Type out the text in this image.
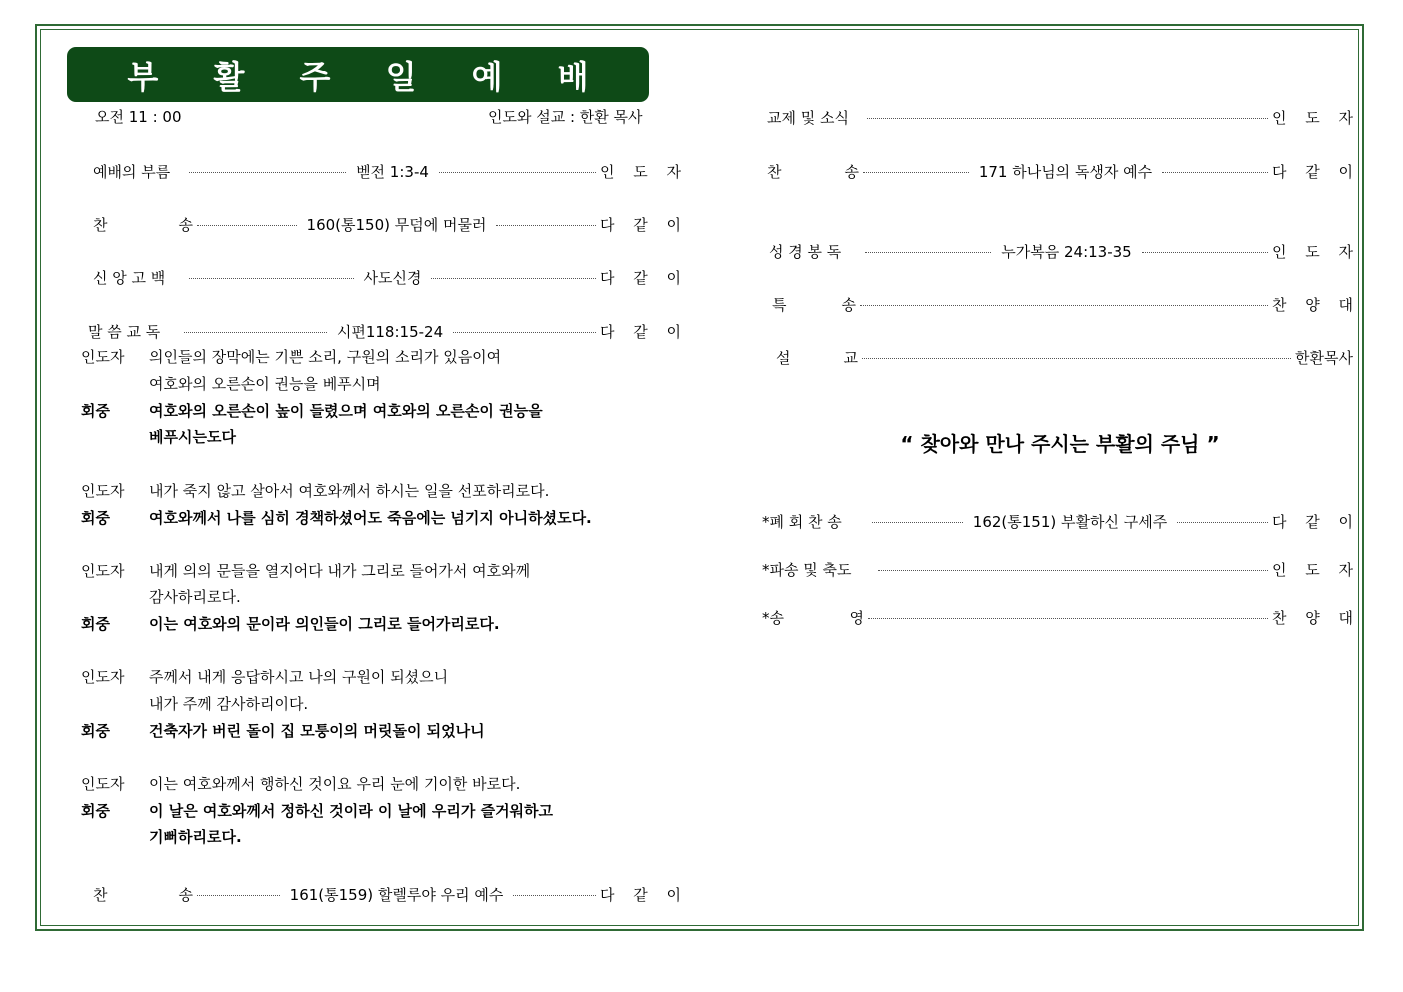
부 활 주 일 예 배
오전 11 : 00	인도와 설교 : 한환 목사
예배의 부름	벧전 1:3-4	인 도 자
찬	송	160(통150) 무덤에 머물러	다 같 이
신 앙 고 백	사도신경	다 같 이
말 씀 교 독	시편118:15-24	다 같 이
인도자 의인들의 장막에는 기쁜 소리, 구원의 소리가 있음이여
여호와의 오른손이 권능을 베푸시며
회중	여호와의 오른손이 높이 들렸으며 여호와의 오른손이 권능을
베푸시는도다
인도자 내가 죽지 않고 살아서 여호와께서 하시는 일을 선포하리로다.
회중	여호와께서 나를 심히 경책하셨어도 죽음에는 넘기지 아니하셨도다.
인도자 내게 의의 문들을 열지어다 내가 그리로 들어가서 여호와께
감사하리로다.
회중	이는 여호와의 문이라 의인들이 그리로 들어가리로다.
인도자 주께서 내게 응답하시고 나의 구원이 되셨으니
내가 주께 감사하리이다.
회중	건축자가 버린 돌이 집 모퉁이의 머릿돌이 되었나니
인도자 이는 여호와께서 행하신 것이요 우리 눈에 기이한 바로다.
회중	이 날은 여호와께서 정하신 것이라 이 날에 우리가 즐거워하고
기뻐하리로다.
찬	송	161(통159) 할렐루야 우리 예수	다 같 이
교제 및 소식	인 도 자
찬	송	171 하나님의 독생자 예수	다 같 이
성 경 봉 독	누가복음 24:13-35	인 도 자
특	송	찬 양 대
설	교	한환목사
“ 찾아와 만나 주시는 부활의 주님 ”
*폐 회 찬 송	162(통151) 부활하신 구세주	다 같 이
*파송 및 축도	인 도 자
*송	영	찬 양 대
